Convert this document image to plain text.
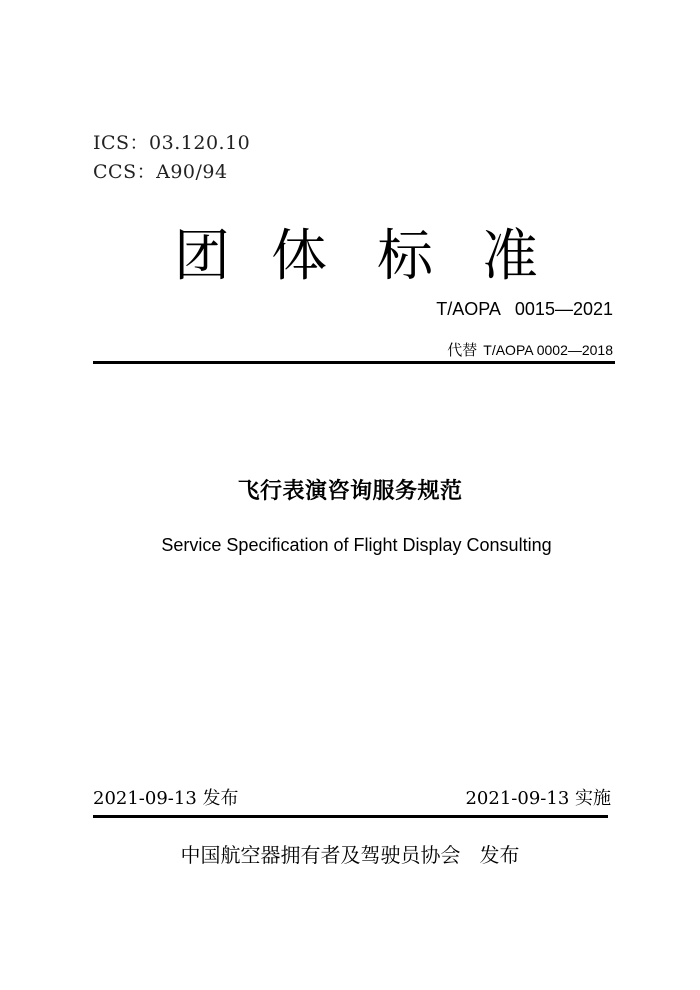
ICS：03.120.10
CCS：A90/94
团 体 标 准
T/AOPA   0015—2021
代替 T/AOPA 0002—2018
飞行表演咨询服务规范
Service Specification of Flight Display Consulting
2021-09-13 发布	2021-09-13 实施
中国航空器拥有者及驾驶员协会   发布
